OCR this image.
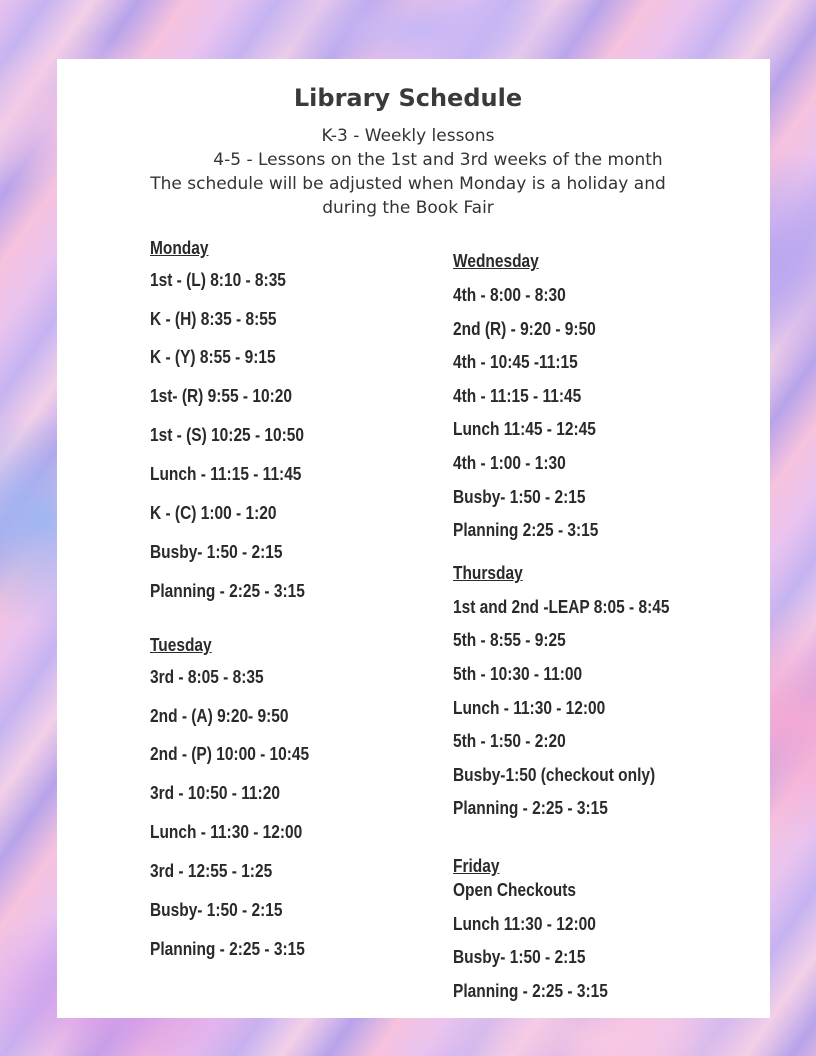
Library Schedule
K-3 - Weekly lessons
4-5 - Lessons on the 1st and 3rd weeks of the month
The schedule will be adjusted when Monday is a holiday and
during the Book Fair
Monday
1st - (L) 8:10 - 8:35
K - (H) 8:35 - 8:55
K - (Y) 8:55 - 9:15
1st- (R) 9:55 - 10:20
1st - (S) 10:25 - 10:50
Lunch - 11:15 - 11:45
K - (C) 1:00 - 1:20
Busby- 1:50 - 2:15
Planning - 2:25 - 3:15
Tuesday
3rd - 8:05 - 8:35
2nd - (A) 9:20- 9:50
2nd - (P) 10:00 - 10:45
3rd - 10:50 - 11:20
Lunch - 11:30 - 12:00
3rd - 12:55 - 1:25
Busby- 1:50 - 2:15
Planning - 2:25 - 3:15
Wednesday
4th - 8:00 - 8:30
2nd (R) - 9:20 - 9:50
4th - 10:45 -11:15
4th - 11:15 - 11:45
Lunch 11:45 - 12:45
4th - 1:00 - 1:30
Busby- 1:50 - 2:15
Planning 2:25 - 3:15
Thursday
1st and 2nd -LEAP 8:05 - 8:45
5th - 8:55 - 9:25
5th - 10:30 - 11:00
Lunch - 11:30 - 12:00
5th - 1:50 - 2:20
Busby-1:50 (checkout only)
Planning - 2:25 - 3:15
Friday
Open Checkouts
Lunch 11:30 - 12:00
Busby- 1:50 - 2:15
Planning - 2:25 - 3:15
